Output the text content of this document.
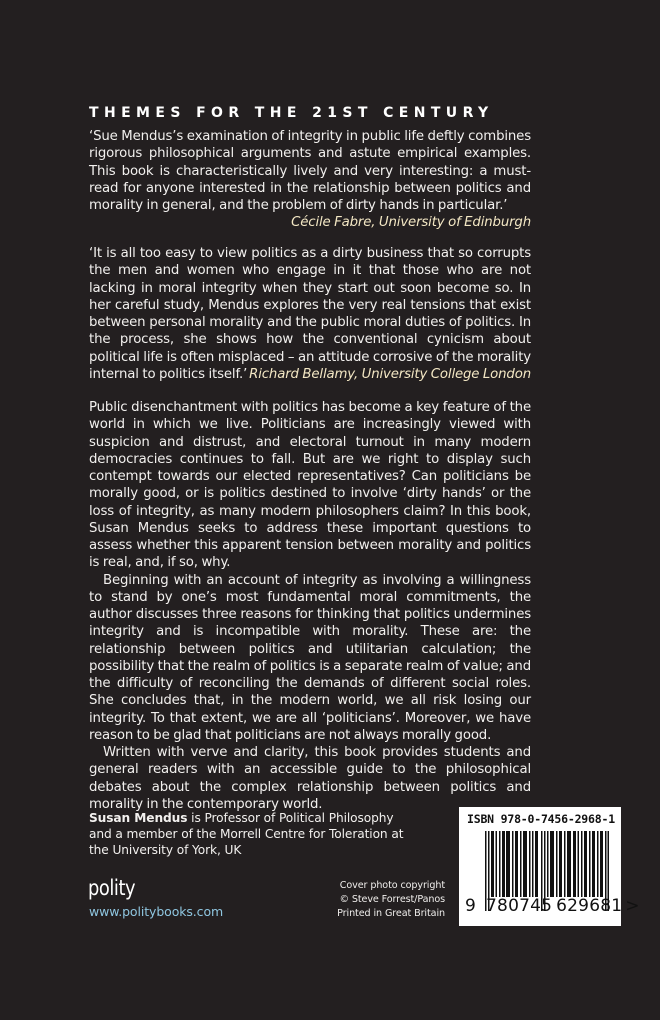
THEMES FOR THE 21ST CENTURY

‘Sue Mendus’s examination of integrity in public life deftly combines rigorous philosophical arguments and astute empirical examples. This book is characteristically lively and very interesting: a must-read for anyone interested in the relationship between politics and morality in general, and the problem of dirty hands in particular.’

Cécile Fabre, University of Edinburgh

‘It is all too easy to view politics as a dirty business that so corrupts the men and women who engage in it that those who are not lacking in moral integrity when they start out soon become so. In her careful study, Mendus explores the very real tensions that exist between personal morality and the public moral duties of politics. In the process, she shows how the conventional cynicism about political life is often misplaced – an attitude corrosive of the morality internal to politics itself.’ Richard Bellamy, University College London

Public disenchantment with politics has become a key feature of the world in which we live. Politicians are increasingly viewed with suspicion and distrust, and electoral turnout in many modern democracies continues to fall. But are we right to display such contempt towards our elected representatives? Can politicians be morally good, or is politics destined to involve ‘dirty hands’ or the loss of integrity, as many modern philosophers claim? In this book, Susan Mendus seeks to address these important questions to assess whether this apparent tension between morality and politics is real, and, if so, why.

Beginning with an account of integrity as involving a willingness to stand by one’s most fundamental moral commitments, the author discusses three reasons for thinking that politics undermines integrity and is incompatible with morality. These are: the relationship between politics and utilitarian calculation; the possibility that the realm of politics is a separate realm of value; and the difficulty of reconciling the demands of different social roles. She concludes that, in the modern world, we all risk losing our integrity. To that extent, we are all ‘politicians’. Moreover, we have reason to be glad that politicians are not always morally good.

Written with verve and clarity, this book provides students and general readers with an accessible guide to the philosophical debates about the complex relationship between politics and morality in the contemporary world.

Susan Mendus is Professor of Political Philosophy and a member of the Morrell Centre for Toleration at the University of York, UK
polity
www.politybooks.com
Cover photo copyright
© Steve Forrest/Panos
Printed in Great Britain
ISBN 978-0-7456-2968-1
9 780745 629681 >
